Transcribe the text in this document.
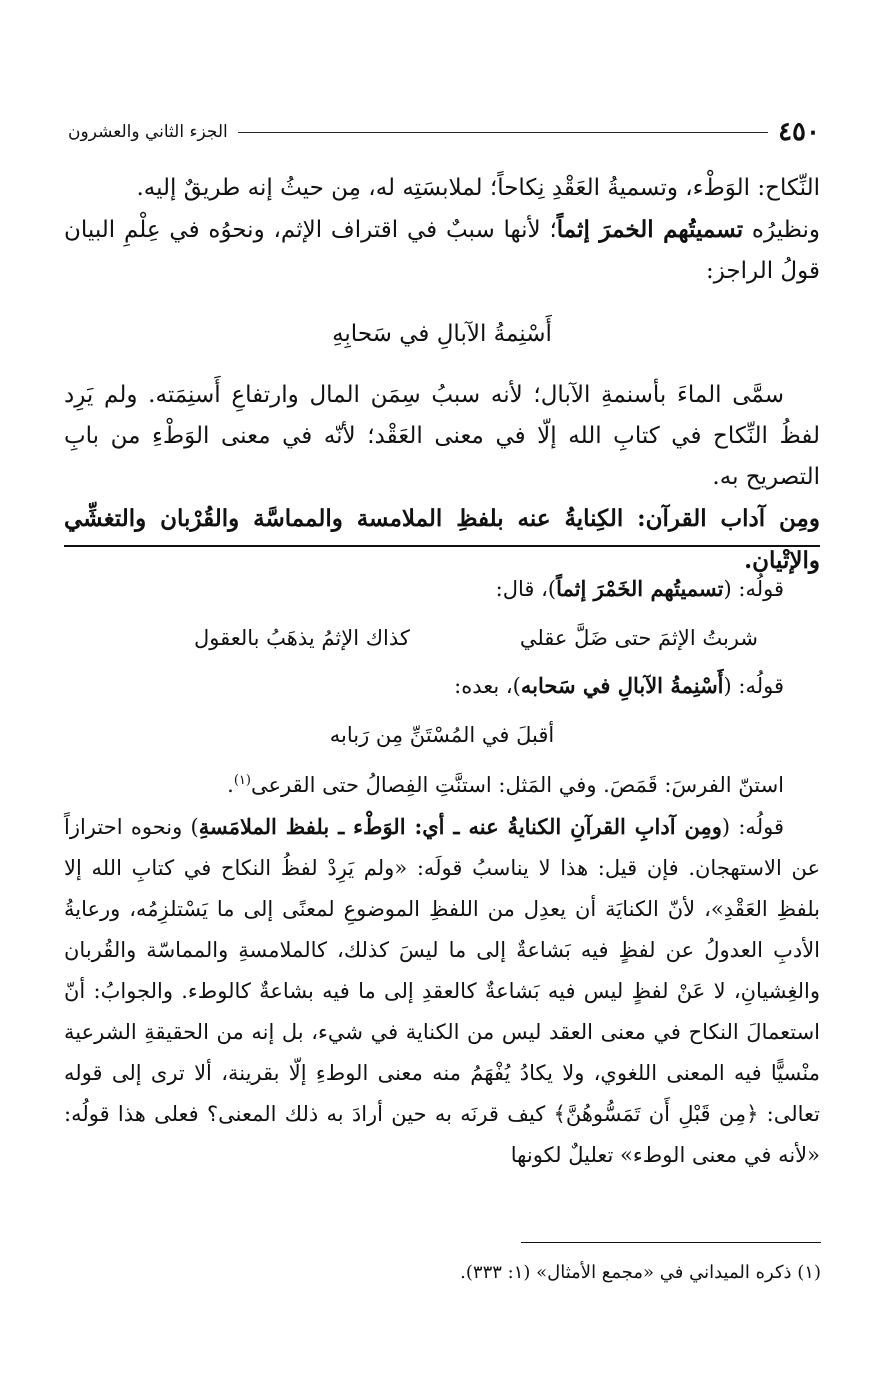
٤٥٠
الجزء الثاني والعشرون

النِّكاح: الوَطْء، وتسميةُ العَقْدِ نِكاحاً؛ لملابسَتِه له، مِن حيثُ إنه طريقٌ إليه.

ونظيرُه تسميتُهم الخمرَ إثماً؛ لأنها سببٌ في اقتراف الإثم، ونحوُه في عِلْمِ البيان قولُ الراجز:

أَسْنِمةُ الآبالِ في سَحابِهِ

سمَّى الماءَ بأسنمةِ الآبال؛ لأنه سببُ سِمَن المال وارتفاعِ أَسنِمَته. ولم يَرِد لفظُ النِّكاح في كتابِ الله إلّا في معنى العَقْد؛ لأنّه في معنى الوَطْءِ من بابِ التصريح به.

ومِن آداب القرآن: الكِنايةُ عنه بلفظِ الملامسة والمماسَّة والقُرْبان والتغشِّي والإتْيان.

قولُه: (تسميتُهم الخَمْرَ إثماً)، قال:

شربتُ الإثمَ حتى ضَلَّ عقلي
كذاك الإثمُ يذهَبُ بالعقول

قولُه: (أَسْنِمةُ الآبالِ في سَحابه)، بعده:

أقبلَ في المُسْتَنِّ مِن رَبابه

استنّ الفرسَ: قَمَصَ. وفي المَثل: استنَّتِ الفِصالُ حتى القرعى$^{(١)}$.

قولُه: (ومِن آدابِ القرآنِ الكنايةُ عنه ـ أي: الوَطْء ـ بلفظ الملامَسةِ) ونحوه احترازاً عن الاستهجان. فإن قيل: هذا لا يناسبُ قولَه: «ولم يَرِدْ لفظُ النكاح في كتابِ الله إلا بلفظِ العَقْدِ»، لأنّ الكنايَة أن يعدِل من اللفظِ الموضوعِ لمعنًى إلى ما يَسْتلزِمُه، ورعايةُ الأدبِ العدولُ عن لفظٍ فيه بَشاعةٌ إلى ما ليسَ كذلك، كالملامسةِ والمماسّة والقُربان والغِشيانِ، لا عَنْ لفظٍ ليس فيه بَشاعةٌ كالعقدِ إلى ما فيه بشاعةٌ كالوطء. والجوابُ: أنّ استعمالَ النكاح في معنى العقد ليس من الكناية في شيء، بل إنه من الحقيقةِ الشرعية منْسيًّا فيه المعنى اللغوي، ولا يكادُ يُفْهَمُ منه معنى الوطءِ إلّا بقرينة، ألا ترى إلى قوله تعالى: ﴿مِن قَبْلِ أَن تَمَسُّوهُنَّ﴾ كيف قرنَه به حين أرادَ به ذلك المعنى؟ فعلى هذا قولُه: «لأنه في معنى الوطء» تعليلٌ لكونها

(١) ذكره الميداني في «مجمع الأمثال» (١: ٣٣٣).
